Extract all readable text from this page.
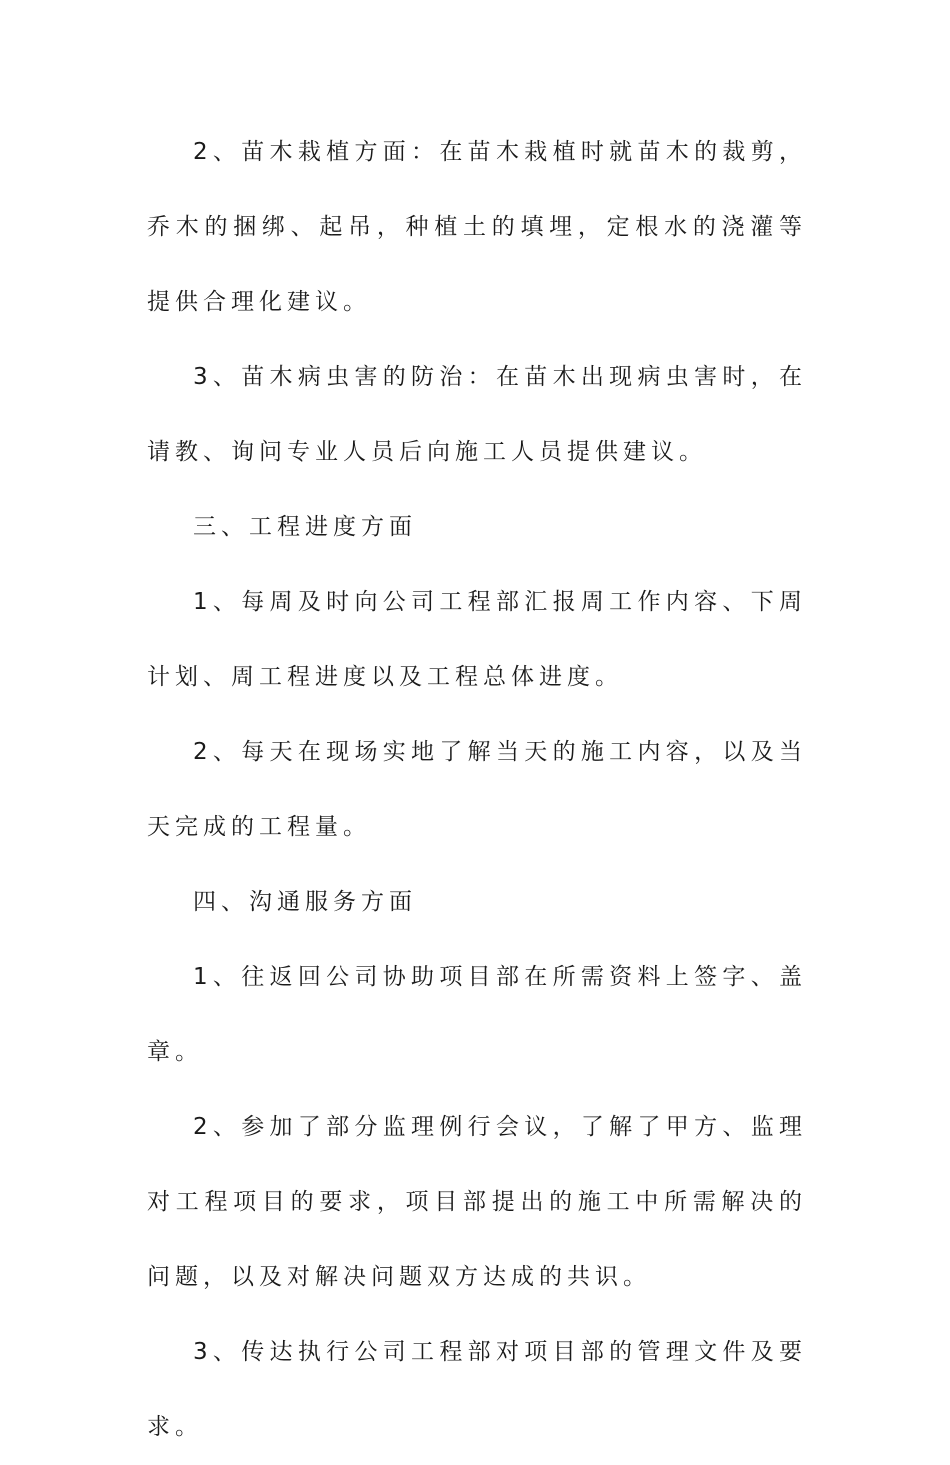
2、苗木栽植方面：在苗木栽植时就苗木的裁剪，乔木的捆绑、起吊，种植土的填埋，定根水的浇灌等提供合理化建议。

3、苗木病虫害的防治：在苗木出现病虫害时，在请教、询问专业人员后向施工人员提供建议。

三、工程进度方面

1、每周及时向公司工程部汇报周工作内容、下周计划、周工程进度以及工程总体进度。

2、每天在现场实地了解当天的施工内容，以及当天完成的工程量。

四、沟通服务方面

1、往返回公司协助项目部在所需资料上签字、盖章。

2、参加了部分监理例行会议，了解了甲方、监理对工程项目的要求，项目部提出的施工中所需解决的问题，以及对解决问题双方达成的共识。

3、传达执行公司工程部对项目部的管理文件及要求。
